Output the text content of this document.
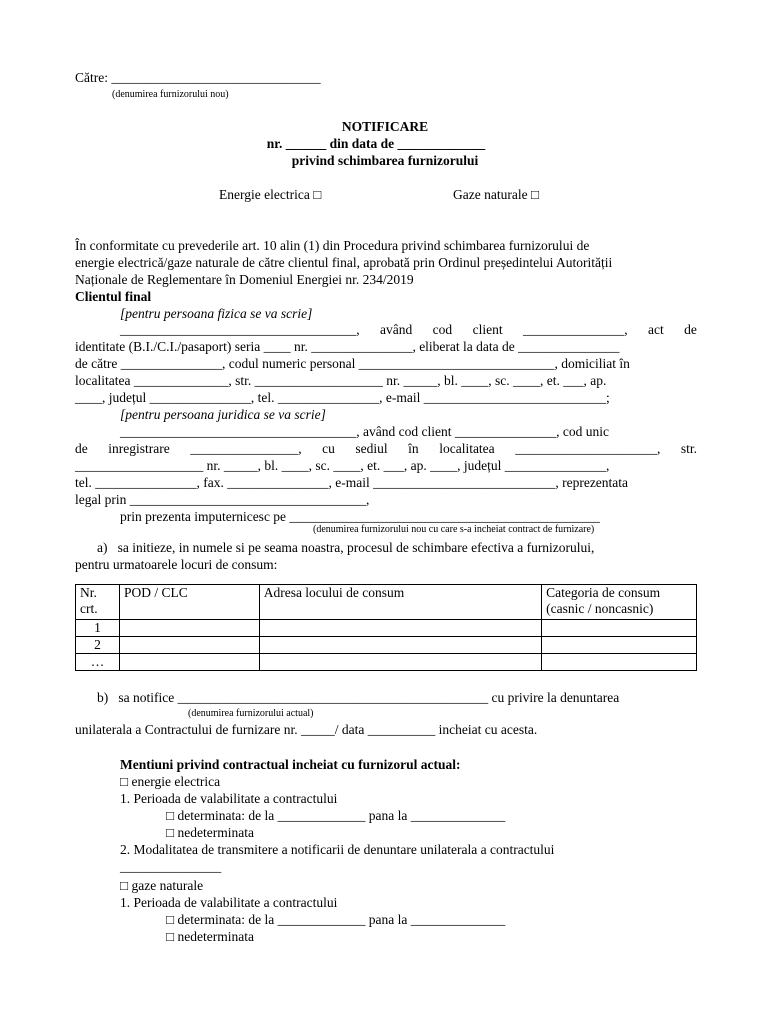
Către: _______________________________
(denumirea furnizorului nou)
NOTIFICARE
nr. ______ din data de _____________
privind schimbarea furnizorului
Energie electrica □	Gaze naturale □
În conformitate cu prevederile art. 10 alin (1) din Procedura privind schimbarea furnizorului de
energie electrică/gaze naturale de către clientul final, aprobată prin Ordinul președintelui Autorității
Naționale de Reglementare în Domeniul Energiei nr. 234/2019
Clientul final
[pentru persoana fizica se va scrie]
___________________________________, având cod client _______________, act de
identitate (B.I./C.I./pasaport) seria ____ nr. _______________, eliberat la data de _______________
de către _______________, codul numeric personal _____________________________, domiciliat în
localitatea ______________, str. ___________________ nr. _____, bl. ____, sc. ____, et. ___, ap.
____, județul _______________, tel. _______________, e-mail ___________________________;
[pentru persoana juridica se va scrie]
___________________________________, având cod client _______________, cod unic
de inregistrare ________________, cu sediul în localitatea _____________________, str.
___________________ nr. _____, bl. ____, sc. ____, et. ___, ap. ____, județul _______________,
tel. _______________, fax. _______________, e-mail ___________________________, reprezentata
legal prin ___________________________________,
prin prezenta imputernicesc pe ______________________________________________
(denumirea furnizorului nou cu care s-a incheiat contract de furnizare)
a)   sa initieze, in numele si pe seama noastra, procesul de schimbare efectiva a furnizorului,
pentru urmatoarele locuri de consum:
Nr.
crt.	POD / CLC	Adresa locului de consum	Categoria de consum
(casnic / noncasnic)
1			
2			
…			
b)   sa notifice ______________________________________________ cu privire la denuntarea
(denumirea furnizorului actual)
unilaterala a Contractului de furnizare nr. _____/ data __________ incheiat cu acesta.
Mentiuni privind contractual incheiat cu furnizorul actual:
□ energie electrica
1. Perioada de valabilitate a contractului
□ determinata: de la _____________ pana la ______________
□ nedeterminata
2. Modalitatea de transmitere a notificarii de denuntare unilaterala a contractului
_______________
□ gaze naturale
1. Perioada de valabilitate a contractului
□ determinata: de la _____________ pana la ______________
□ nedeterminata
